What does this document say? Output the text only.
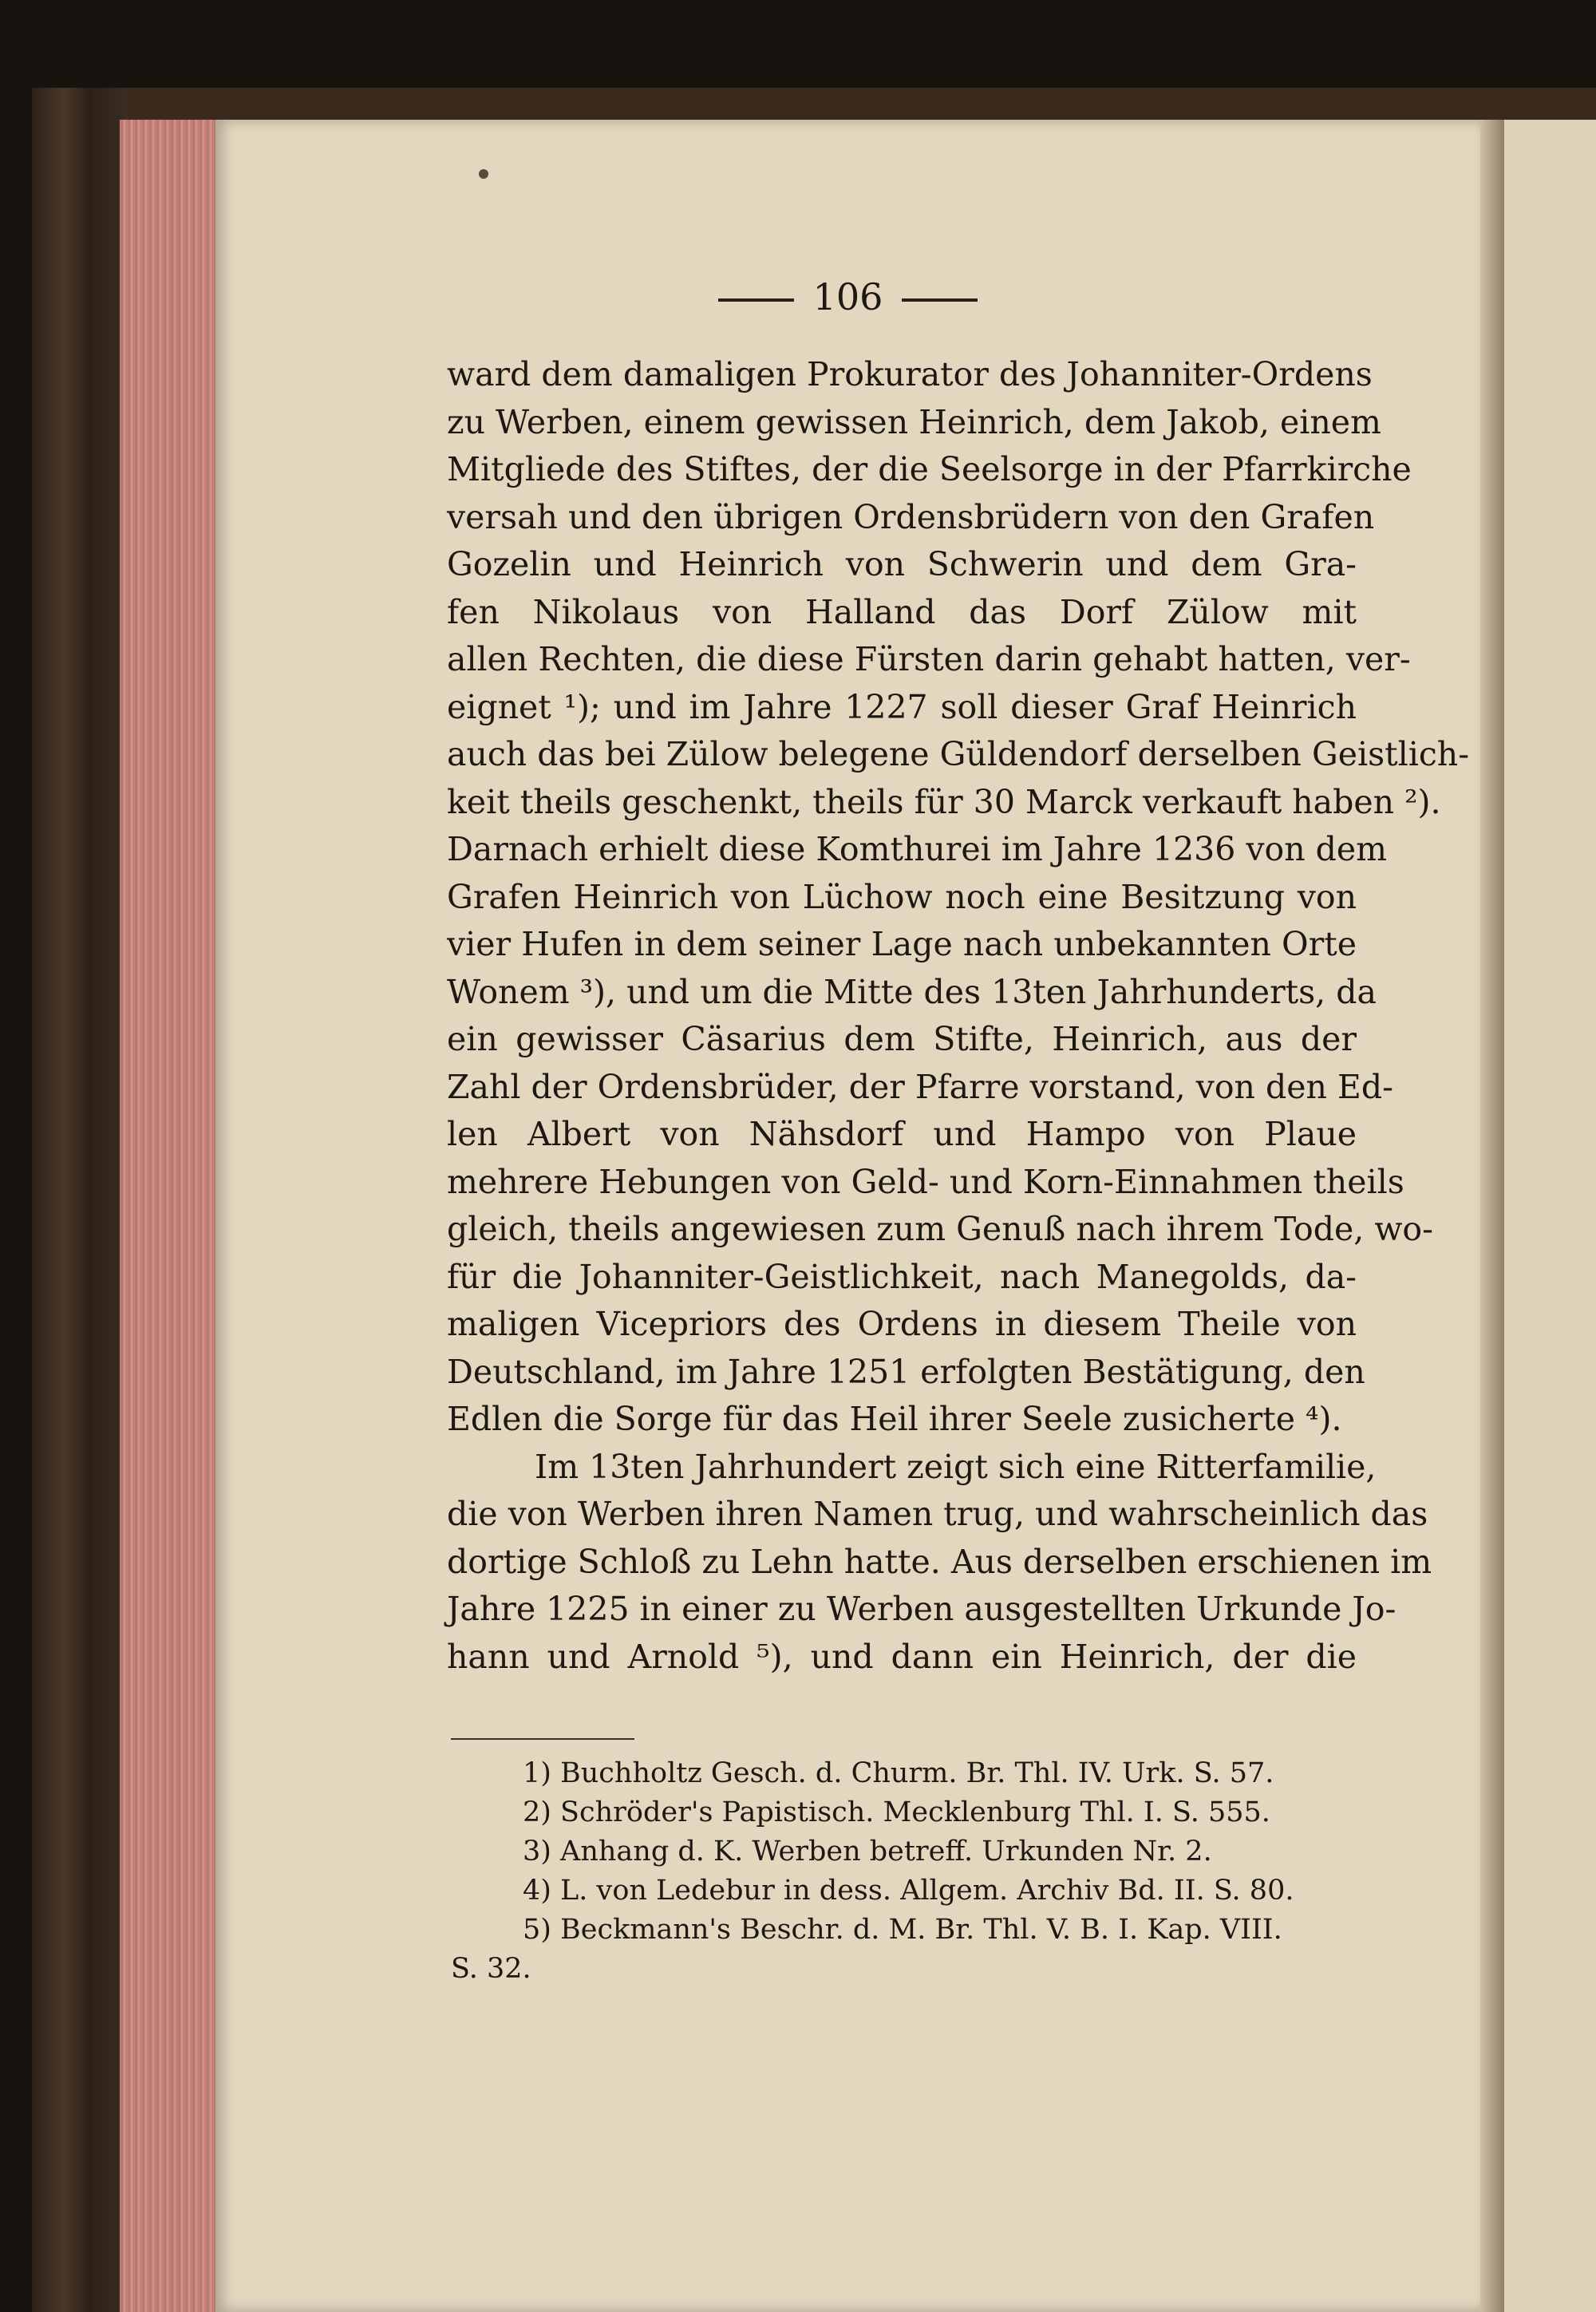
106
ward dem damaligen Prokurator des Johanniter-Ordens
zu Werben, einem gewissen Heinrich, dem Jakob, einem
Mitgliede des Stiftes, der die Seelsorge in der Pfarrkirche
versah und den übrigen Ordensbrüdern von den Grafen
Gozelin und Heinrich von Schwerin und dem Gra-
fen Nikolaus von Halland das Dorf Zülow mit
allen Rechten, die diese Fürsten darin gehabt hatten, ver-
eignet ¹); und im Jahre 1227 soll dieser Graf Heinrich
auch das bei Zülow belegene Güldendorf derselben Geistlich-
keit theils geschenkt, theils für 30 Marck verkauft haben ²).
Darnach erhielt diese Komthurei im Jahre 1236 von dem
Grafen Heinrich von Lüchow noch eine Besitzung von
vier Hufen in dem seiner Lage nach unbekannten Orte
Wonem ³), und um die Mitte des 13ten Jahrhunderts, da
ein gewisser Cäsarius dem Stifte, Heinrich, aus der
Zahl der Ordensbrüder, der Pfarre vorstand, von den Ed-
len Albert von Nähsdorf und Hampo von Plaue
mehrere Hebungen von Geld- und Korn-Einnahmen theils
gleich, theils angewiesen zum Genuß nach ihrem Tode, wo-
für die Johanniter-Geistlichkeit, nach Manegolds, da-
maligen Vicepriors des Ordens in diesem Theile von
Deutschland, im Jahre 1251 erfolgten Bestätigung, den
Edlen die Sorge für das Heil ihrer Seele zusicherte ⁴).
Im 13ten Jahrhundert zeigt sich eine Ritterfamilie,
die von Werben ihren Namen trug, und wahrscheinlich das
dortige Schloß zu Lehn hatte. Aus derselben erschienen im
Jahre 1225 in einer zu Werben ausgestellten Urkunde Jo-
hann und Arnold ⁵), und dann ein Heinrich, der die
1) Buchholtz Gesch. d. Churm. Br. Thl. IV. Urk. S. 57.
2) Schröder's Papistisch. Mecklenburg Thl. I. S. 555.
3) Anhang d. K. Werben betreff. Urkunden Nr. 2.
4) L. von Ledebur in dess. Allgem. Archiv Bd. II. S. 80.
5) Beckmann's Beschr. d. M. Br. Thl. V. B. I. Kap. VIII.
S. 32.
